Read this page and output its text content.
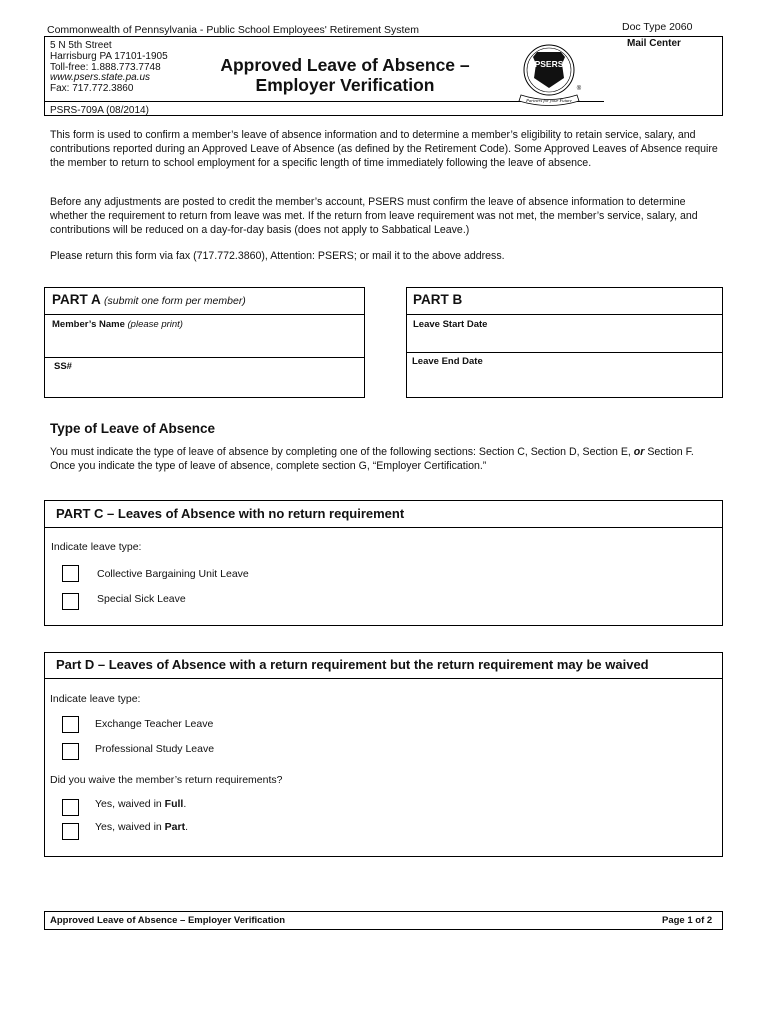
Commonwealth of Pennsylvania - Public School Employees' Retirement System	Doc Type 2060
5 N 5th Street
Harrisburg PA 17101-1905
Toll-free: 1.888.773.7748
www.psers.state.pa.us
Fax: 717.772.3860
PSRS-709A (08/2014)
Approved Leave of Absence –
Employer Verification
Mail Center
PSERS
Partners for your Future
®
This form is used to confirm a member’s leave of absence information and to determine a member’s eligibility to retain service, salary, and contributions reported during an Approved Leave of Absence (as defined by the Retirement Code). Some Approved Leaves of Absence require the member to return to school employment for a specific length of time immediately following the leave of absence.
Before any adjustments are posted to credit the member’s account, PSERS must confirm the leave of absence information to determine whether the requirement to return from leave was met. If the return from leave requirement was not met, the member’s service, salary, and contributions will be reduced on a day-for-day basis (does not apply to Sabbatical Leave.)
Please return this form via fax (717.772.3860), Attention: PSERS; or mail it to the above address.
PART A (submit one form per member)
Member’s Name (please print)
SS#
PART B
Leave Start Date
Leave End Date
Type of Leave of Absence
You must indicate the type of leave of absence by completing one of the following sections: Section C, Section D, Section E, or Section F. Once you indicate the type of leave of absence, complete section G, “Employer Certification.”
PART C – Leaves of Absence with no return requirement
Indicate leave type:
Collective Bargaining Unit Leave
Special Sick Leave
Part D – Leaves of Absence with a return requirement but the return requirement may be waived
Indicate leave type:
Exchange Teacher Leave
Professional Study Leave
Did you waive the member’s return requirements?
Yes, waived in Full.
Yes, waived in Part.
Approved Leave of Absence – Employer Verification	Page 1 of 2
